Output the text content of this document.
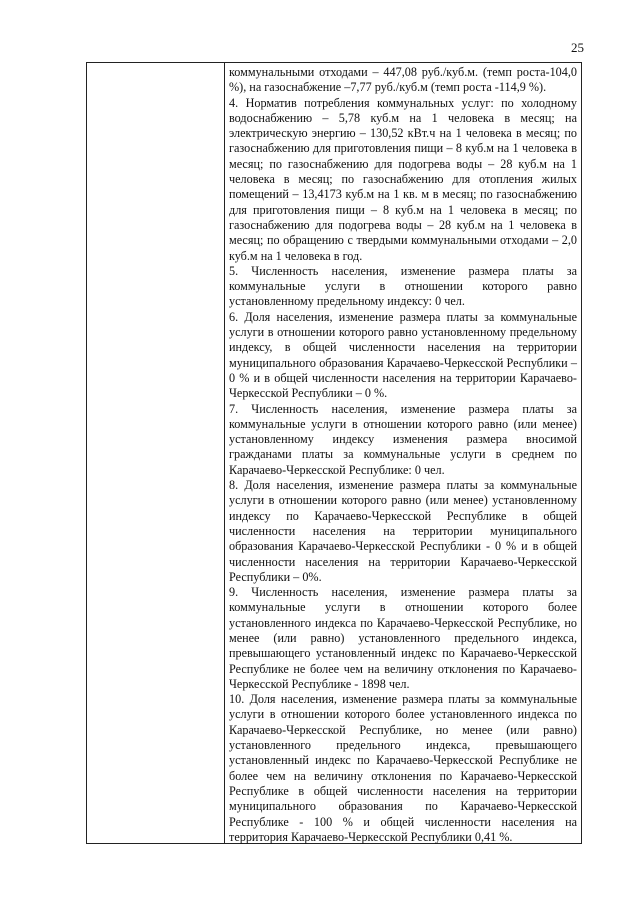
25

коммунальными отходами – 447,08 руб./куб.м. (темп роста-104,0 %), на газоснабжение –7,77 руб./куб.м (темп роста -114,9 %).

4. Норматив потребления коммунальных услуг: по холодному водоснабжению – 5,78 куб.м на 1 человека в месяц; на электрическую энергию – 130,52 кВт.ч на 1 человека в месяц; по газоснабжению для приготовления пищи – 8 куб.м на 1 человека в месяц; по газоснабжению для подогрева воды – 28 куб.м на 1 человека в месяц; по газоснабжению для отопления жилых помещений – 13,4173 куб.м на 1 кв. м в месяц; по газоснабжению для приготовления пищи – 8 куб.м на 1 человека в месяц; по газоснабжению для подогрева воды – 28 куб.м на 1 человека в месяц; по обращению с твердыми коммунальными отходами – 2,0 куб.м на 1 человека в год.

5. Численность населения, изменение размера платы за коммунальные услуги в отношении которого равно установленному предельному индексу: 0 чел.

6. Доля населения, изменение размера платы за коммунальные услуги в отношении которого равно установленному предельному индексу, в общей численности населения на территории муниципального образования Карачаево-Черкесской Республики –0 % и в общей численности населения на территории Карачаево-Черкесской Республики – 0 %.

7. Численность населения, изменение размера платы за коммунальные услуги в отношении которого равно (или менее) установленному индексу изменения размера вносимой гражданами платы за коммунальные услуги в среднем по Карачаево-Черкесской Республике: 0 чел.

8. Доля населения, изменение размера платы за коммунальные услуги в отношении которого равно (или менее) установленному индексу по Карачаево-Черкесской Республике в общей численности населения на территории муниципального образования Карачаево-Черкесской Республики - 0 % и в общей численности населения на территории Карачаево-Черкесской Республики – 0%.

9. Численность населения, изменение размера платы за коммунальные услуги в отношении которого более установленного индекса по Карачаево-Черкесской Республике, но менее (или равно) установленного предельного индекса, превышающего установленный индекс по Карачаево-Черкесской Республике не более чем на величину отклонения по Карачаево-Черкесской Республике - 1898 чел.

10. Доля населения, изменение размера платы за коммунальные услуги в отношении которого более установленного индекса по Карачаево-Черкесской Республике, но менее (или равно) установленного предельного индекса, превышающего установленный индекс по Карачаево-Черкесской Республике не более чем на величину отклонения по Карачаево-Черкесской Республике в общей численности населения на территории муниципального образования по Карачаево-Черкесской Республике - 100 % и общей численности населения на территория Карачаево-Черкесской Республики 0,41 %.
